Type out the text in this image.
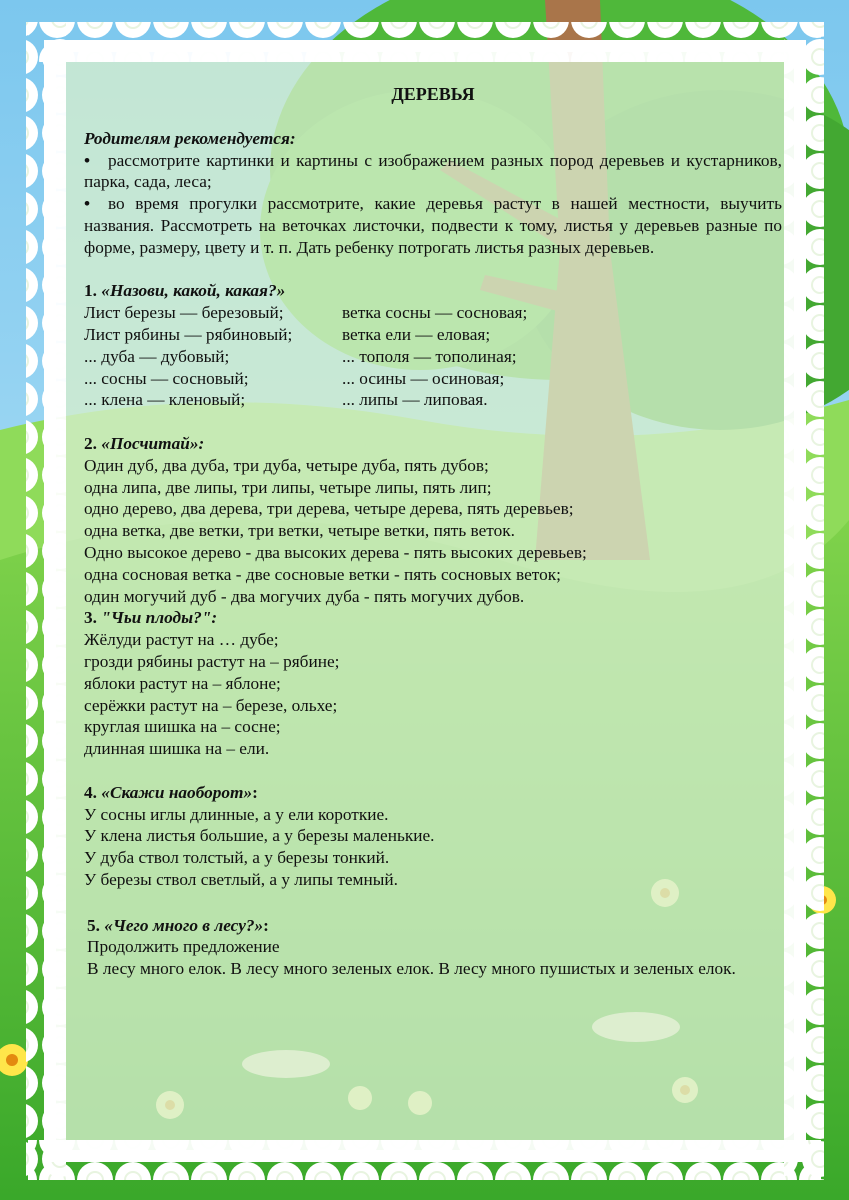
ДЕРЕВЬЯ
Родителям рекомендуется:
• рассмотрите картинки и картины с изображением разных пород деревьев и кустарников, парка, сада, леса;
• во время прогулки рассмотрите, какие деревья растут в нашей местности, выучить названия. Рассмотреть на веточках листочки, подвести к тому, листья у деревьев разные по форме, размеру, цвету и т. п. Дать ребенку потрогать листья разных деревьев.
1. «Назови, какой, какая?»
Лист березы — березовый;	ветка сосны — сосновая;
Лист рябины — рябиновый;	ветка ели — еловая;
... дуба — дубовый;	... тополя — тополиная;
... сосны — сосновый;	... осины — осиновая;
... клена — кленовый;	... липы — липовая.
2. «Посчитай»:
Один дуб, два дуба, три дуба, четыре дуба, пять дубов;
одна липа, две липы, три липы, четыре липы, пять лип;
одно дерево, два дерева, три дерева, четыре дерева, пять деревьев;
одна ветка, две ветки, три ветки, четыре ветки, пять веток.
Одно высокое дерево - два высоких дерева - пять высоких деревьев;
одна сосновая ветка - две сосновые ветки - пять сосновых веток;
один могучий дуб - два могучих дуба - пять могучих дубов.
3. "Чьи плоды?":
Жёлуди растут на … дубе;
грозди рябины растут на – рябине;
яблоки растут на – яблоне;
серёжки растут на – березе, ольхе;
круглая шишка на – сосне;
длинная шишка на – ели.
4. «Скажи наоборот»:
У сосны иглы длинные, а у ели короткие.
У клена листья большие, а у березы маленькие.
У дуба ствол толстый, а у березы тонкий.
У березы ствол светлый, а у липы темный.
5. «Чего много в лесу?»:
Продолжить предложение
В лесу много елок. В лесу много зеленых елок. В лесу много пушистых и зеленых елок.
